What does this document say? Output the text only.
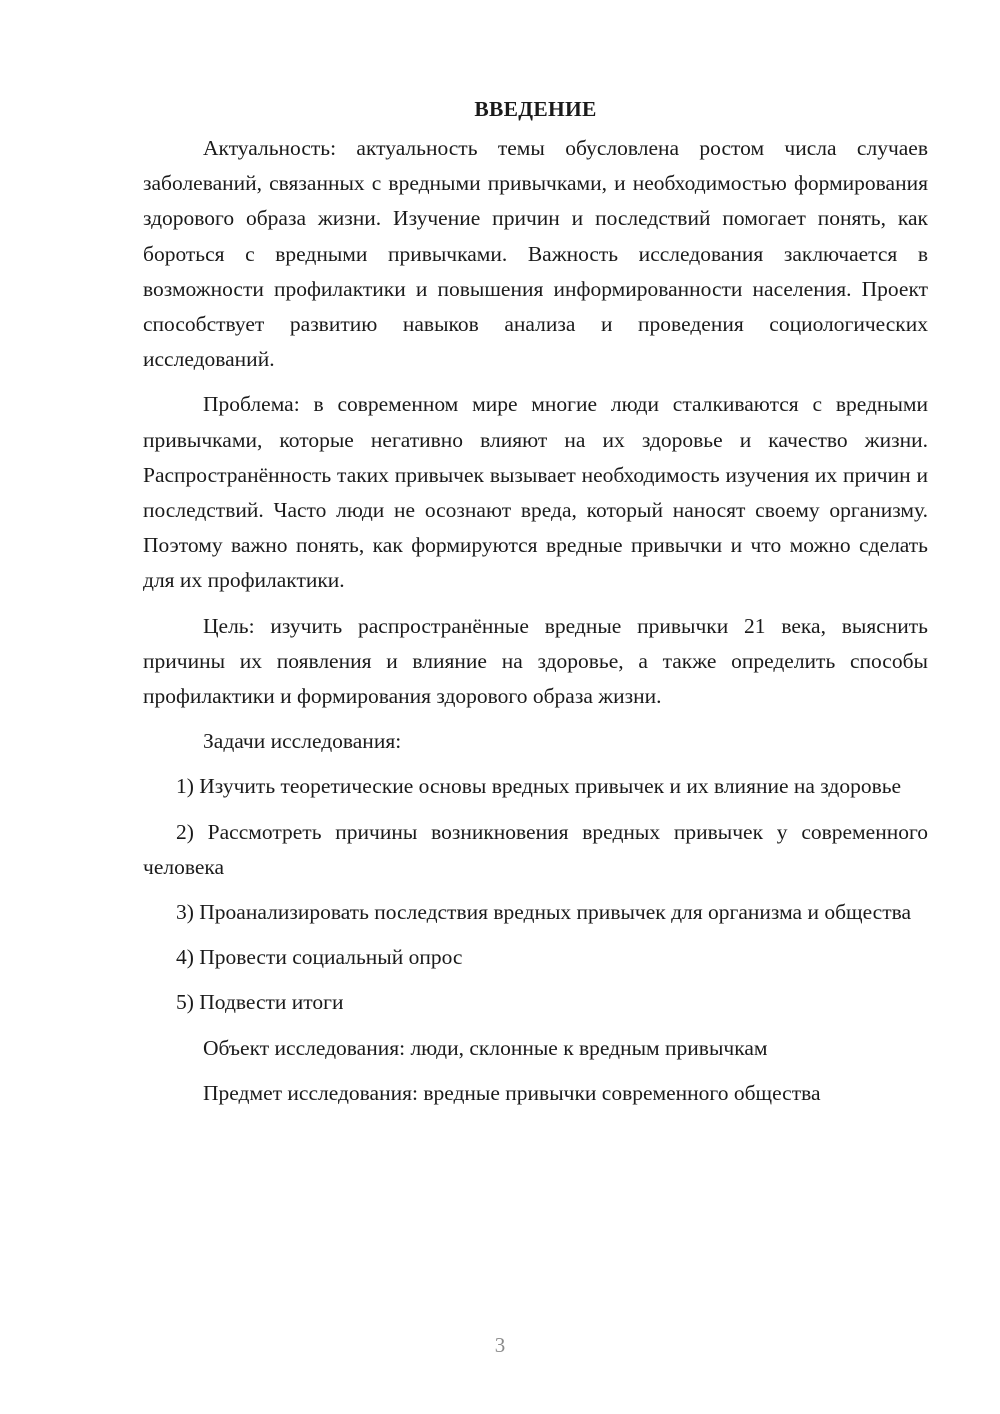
ВВЕДЕНИЕ

Актуальность: актуальность темы обусловлена ростом числа случаев заболеваний, связанных с вредными привычками, и необходимостью формирования здорового образа жизни. Изучение причин и последствий помогает понять, как бороться с вредными привычками. Важность исследования заключается в возможности профилактики и повышения информированности населения. Проект способствует развитию навыков анализа и проведения социологических исследований.

Проблема: в современном мире многие люди сталкиваются с вредными привычками, которые негативно влияют на их здоровье и качество жизни. Распространённость таких привычек вызывает необходимость изучения их причин и последствий. Часто люди не осознают вреда, который наносят своему организму. Поэтому важно понять, как формируются вредные привычки и что можно сделать для их профилактики.

Цель: изучить распространённые вредные привычки 21 века, выяснить причины их появления и влияние на здоровье, а также определить способы профилактики и формирования здорового образа жизни.

Задачи исследования:

1) Изучить теоретические основы вредных привычек и их влияние на здоровье

2) Рассмотреть причины возникновения вредных привычек у современного человека

3) Проанализировать последствия вредных привычек для организма и общества

4) Провести социальный опрос

5) Подвести итоги

Объект исследования: люди, склонные к вредным привычкам

Предмет исследования: вредные привычки современного общества

3
